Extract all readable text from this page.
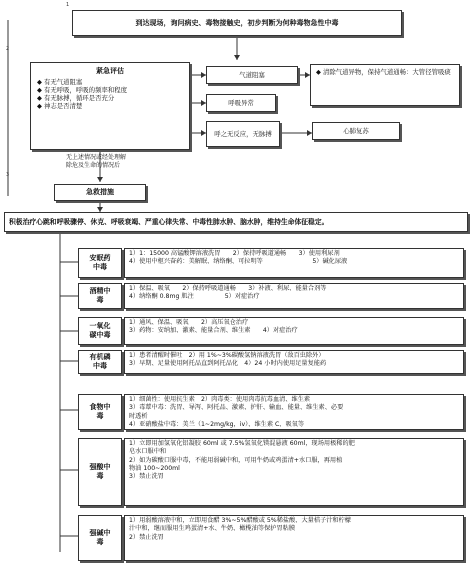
1
2
3
到达现场，询问病史、毒物接触史，初步判断为何种毒物急性中毒
紧急评估
◆ 有无气道阻塞
◆ 有无呼吸，呼吸的频率和程度
◆ 有无脉搏，循环是否充分
◆ 神志是否清楚
气道阻塞
呼吸异常
呼之无反应，无脉搏
◆ 清除气道异物，保持气道通畅：大管径管吸痰
心肺复苏
无上述情况或经处理解
除危及生命的情况后
急救措施
积极治疗心跳和呼吸骤停、休克、呼吸衰竭、严重心律失常、中毒性肺水肿、脑水肿，维持生命体征稳定。
安眠药中毒
1）1：15000 高锰酸钾溶液洗胃　　2）保持呼吸道通畅　　3）使用利尿剂
4）使用中枢兴奋药：美解眠、纳络酮、可拉明等　　　　　　　　5）碱化尿液
酒精中毒
1）保温、吸氧　　2）保持呼吸道通畅　　3）补液、利尿、能量合剂等
4）纳络酮 0.8mg 肌注　　　　　5）对症治疗
一氧化碳中毒
1）通风、保温、吸氧　　2）高压氧仓治疗
3）药物：安纳加、激素、能量合剂、维生素　　4）对症治疗
有机磷中毒
1）患者清醒时催吐　2）用 1%~3%碳酸氢钠溶液洗胃（敌百虫除外）
3）早期、足量使用阿托品直到阿托品化　4）24 小时内使用足量复能药
食物中毒
1）细菌性：使用抗生素　2）肉毒类：使用肉毒抗毒血清、维生素
3）毒蕈中毒：洗胃、导泻、阿托品、激素、护肝、输血、能量、维生素、必要
时透析
4）亚硝酸盐中毒：美兰（1~2mg/kg，iv）、维生素 C、吸氧等
强酸中毒
1）立即用加氢氧化铝凝胶 60ml 或 7.5%氢氧化镁混悬液 60ml，现场用极稀的肥
皂水口服中和
2）如为碳酸口服中毒，不能用弱碱中和，可用牛奶或鸡蛋清+水口服，再用植
物油 100~200ml
3）禁止洗胃
强碱中毒
1）用弱酸溶液中和，立即用食醋 3%~5%醋酸或 5%稀盐酸、大量桔子汁和柠檬
汁中和，继而服用生鸡蛋清+水、牛奶、橄榄油等保护胃粘膜
2）禁止洗胃
